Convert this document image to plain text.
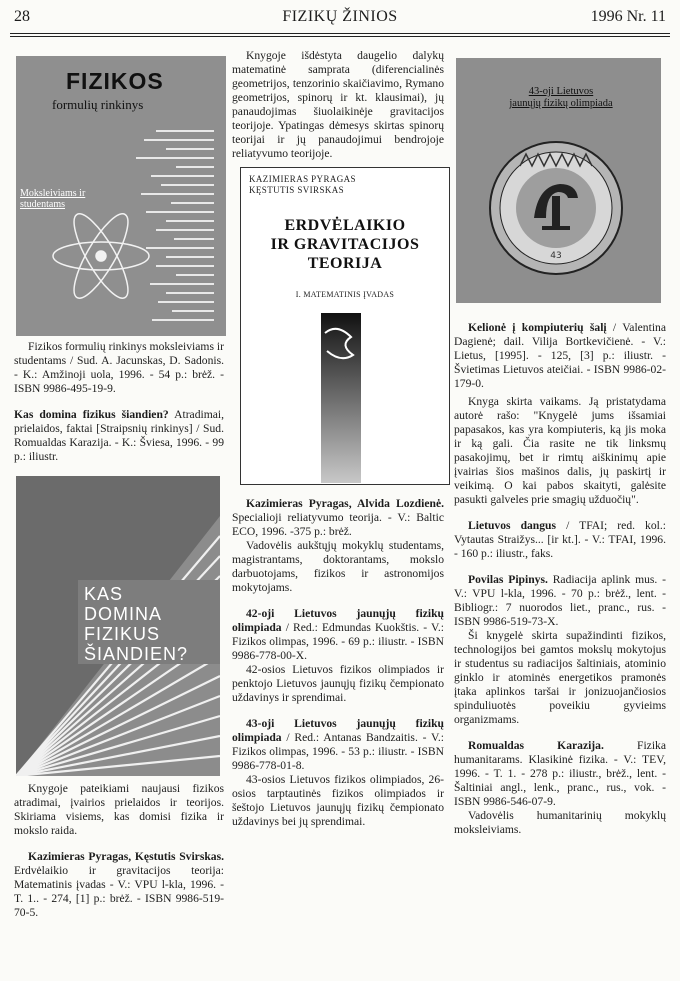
28	FIZIKŲ ŽINIOS	1996 Nr. 11
FIZIKOS
formulių rinkinys
Moksleiviams ir studentams

Fizikos formulių rinkinys moksleiviams ir studentams / Sud. A. Jacunskas, D. Sadonis. - K.: Amžinoji uola, 1996. - 54 p.: brėž. - ISBN 9986-495-19-9.

Kas domina fizikus šiandien? Atradimai, prielaidos, faktai [Straipsnių rinkinys] / Sud. Romualdas Karazija. - K.: Šviesa, 1996. - 99 p.: iliustr.

KAS
DOMINA
FIZIKUS
ŠIANDIEN?

Knygoje pateikiami naujausi fizikos atradimai, įvairios prielaidos ir teorijos. Skiriama visiems, kas domisi fizika ir mokslo raida.

Kazimieras Pyragas, Kęstutis Svirskas. Erdvėlaikio ir gravitacijos teorija: Matematinis įvadas - V.: VPU l-kla, 1996. -T. 1.. - 274, [1] p.: brėž. - ISBN 9986-519-70-5.

Knygoje išdėstyta daugelio dalykų matematinė samprata (diferencialinės geometrijos, tenzorinio skaičiavimo, Rymano geometrijos, spinorų ir kt. klausimai), jų panaudojimas šiuolaikinėje gravitacijos teorijoje. Ypatingas dėmesys skirtas spinorų teorijai ir jų panaudojimui bendrojoje reliatyvumo teorijoje.

KAZIMIERAS PYRAGAS
KĘSTUTIS SVIRSKAS
ERDVĖLAIKIO
IR GRAVITACIJOS
TEORIJA
I. MATEMATINIS ĮVADAS

Kazimieras Pyragas, Alvida Lozdienė. Specialioji reliatyvumo teorija. - V.: Baltic ECO, 1996. -375 p.: brėž.

Vadovėlis aukštųjų mokyklų studentams, magistrantams, doktorantams, mokslo darbuotojams, fizikos ir astronomijos mokytojams.

42-oji Lietuvos jaunųjų fizikų olimpiada / Red.: Edmundas Kuokštis. - V.: Fizikos olimpas, 1996. - 69 p.: iliustr. - ISBN 9986-778-00-X.

42-osios Lietuvos fizikos olimpiados ir penktojo Lietuvos jaunųjų fizikų čempionato uždavinys ir sprendimai.

43-oji Lietuvos jaunųjų fizikų olimpiada / Red.: Antanas Bandzaitis. - V.: Fizikos olimpas, 1996. - 53 p.: iliustr. - ISBN 9986-778-01-8.

43-osios Lietuvos fizikos olimpiados, 26-osios tarptautinės fizikos olimpiados ir šeštojo Lietuvos jaunųjų fizikų čempionato uždavinys bei jų sprendimai.

43-oji Lietuvos
jaunųjų fizikų olimpiada
43

Kelionė į kompiuterių šalį / Valentina Dagienė; dail. Vilija Bortkevičienė. - V.: Lietus, [1995]. - 125, [3] p.: iliustr. - Švietimas Lietuvos ateičiai. - ISBN 9986-02-179-0.

Knyga skirta vaikams. Ją pristatydama autorė rašo: "Knygelė jums išsamiai papasakos, kas yra kompiuteris, ką jis moka ir ką gali. Čia rasite ne tik linksmų pasakojimų, bet ir rimtų aiškinimų apie įvairias šios mašinos dalis, jų paskirtį ir veikimą. O kai pabos skaityti, galėsite pasukti galveles prie smagių užduočių".

Lietuvos dangus / TFAI; red. kol.: Vytautas Straižys... [ir kt.]. - V.: TFAI, 1996. - 160 p.: iliustr., faks.

Povilas Pipinys. Radiacija aplink mus. - V.: VPU l-kla, 1996. - 70 p.: brėž., lent. - Bibliogr.: 7 nuorodos liet., pranc., rus. - ISBN 9986-519-73-X.

Ši knygelė skirta supažindinti fizikos, technologijos bei gamtos mokslų mokytojus ir studentus su radiacijos šaltiniais, atominio ginklo ir atominės energetikos pramonės įtaka aplinkos taršai ir jonizuojančiosios spinduliuotės poveikiu gyvieims organizmams.

Romualdas Karazija.	Fizika humanitarams. Klasikinė fizika. - V.: TEV, 1996. - T. 1. - 278 p.: iliustr., brėž., lent. - Šaltiniai angl., lenk., pranc., rus., vok. - ISBN 9986-546-07-9.

Vadovėlis humanitarinių mokyklų moksleiviams.
